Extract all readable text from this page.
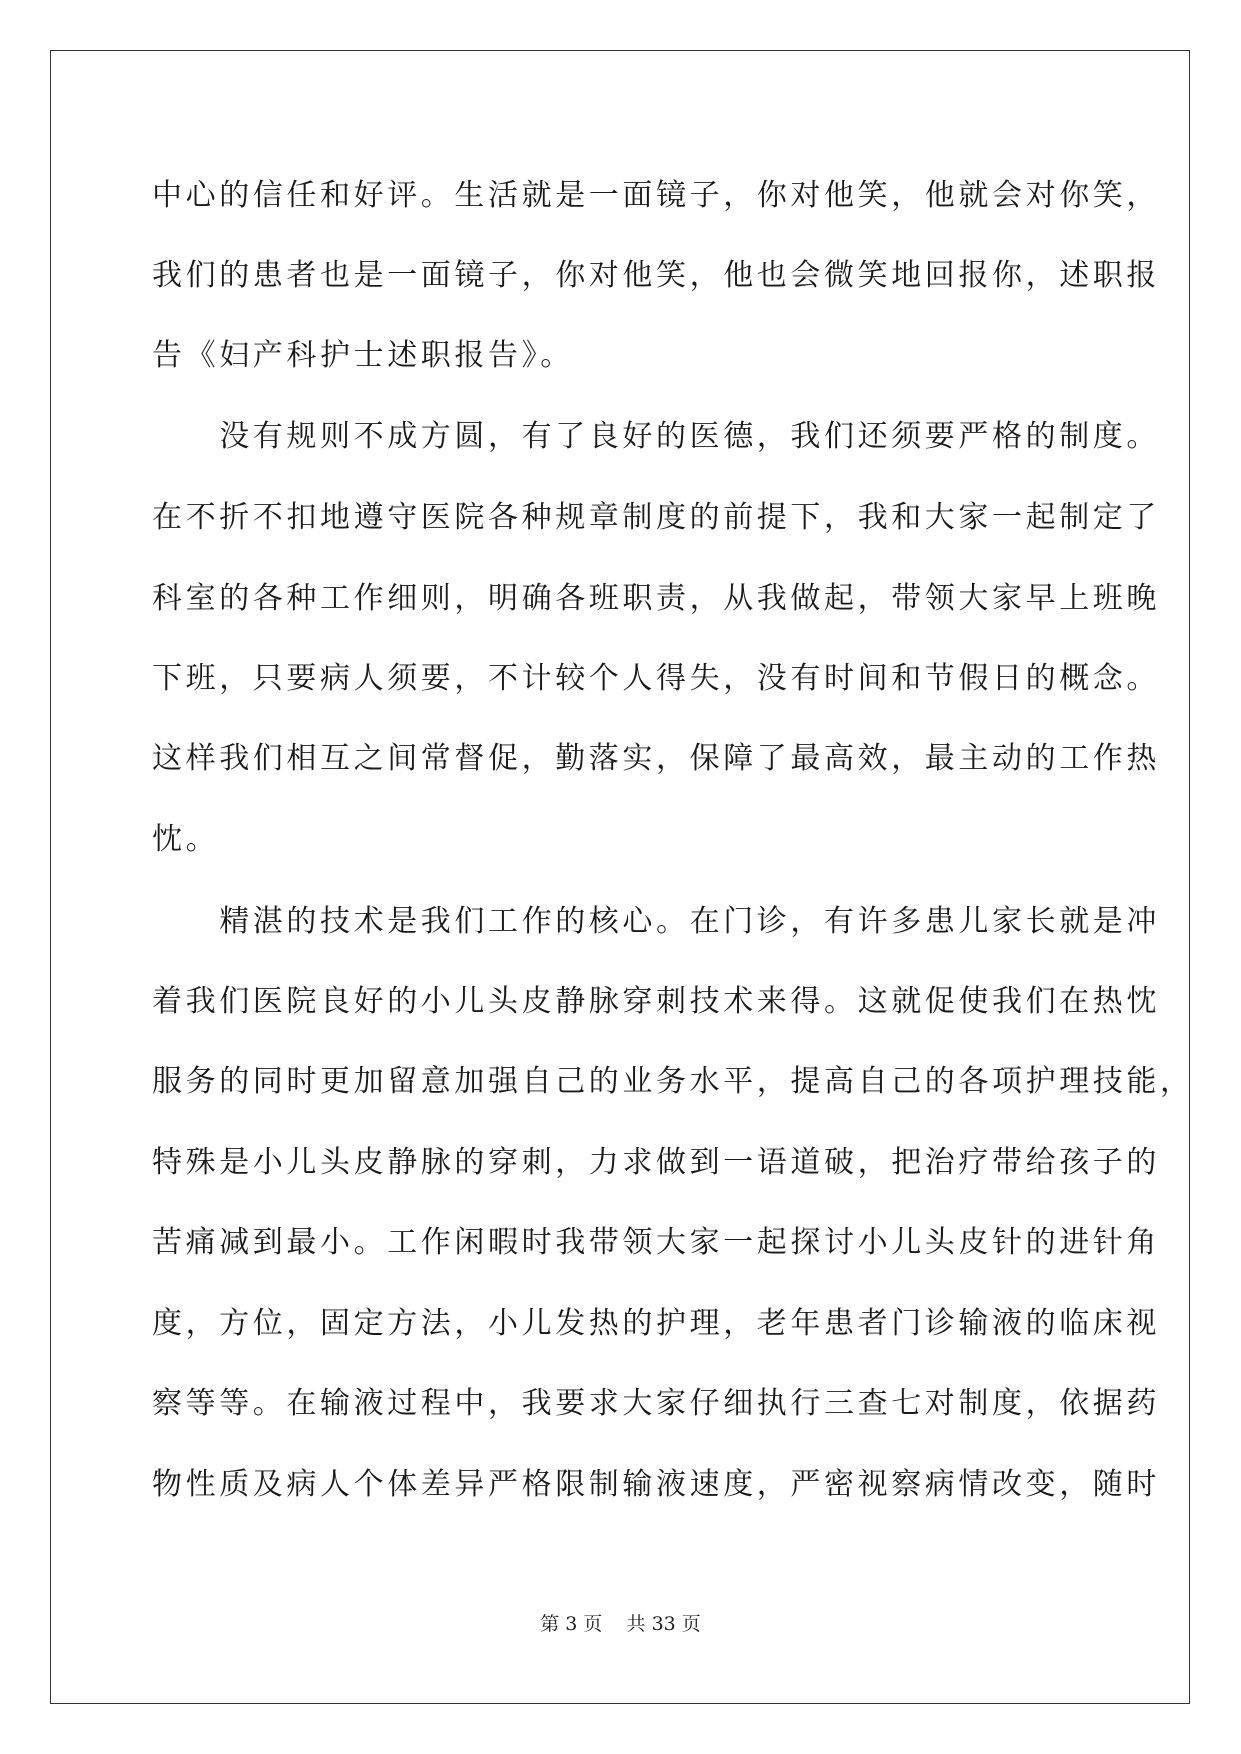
中心的信任和好评。生活就是一面镜子，你对他笑，他就会对你笑，
我们的患者也是一面镜子，你对他笑，他也会微笑地回报你，述职报
告《妇产科护士述职报告》。
　　没有规则不成方圆，有了良好的医德，我们还须要严格的制度。
在不折不扣地遵守医院各种规章制度的前提下，我和大家一起制定了
科室的各种工作细则，明确各班职责，从我做起，带领大家早上班晚
下班，只要病人须要，不计较个人得失，没有时间和节假日的概念。
这样我们相互之间常督促，勤落实，保障了最高效，最主动的工作热
忱。
　　精湛的技术是我们工作的核心。在门诊，有许多患儿家长就是冲
着我们医院良好的小儿头皮静脉穿刺技术来得。这就促使我们在热忱
服务的同时更加留意加强自己的业务水平，提高自己的各项护理技能，
特殊是小儿头皮静脉的穿刺，力求做到一语道破，把治疗带给孩子的
苦痛减到最小。工作闲暇时我带领大家一起探讨小儿头皮针的进针角
度，方位，固定方法，小儿发热的护理，老年患者门诊输液的临床视
察等等。在输液过程中，我要求大家仔细执行三查七对制度，依据药
物性质及病人个体差异严格限制输液速度，严密视察病情改变，随时
第 3 页    共 33 页
